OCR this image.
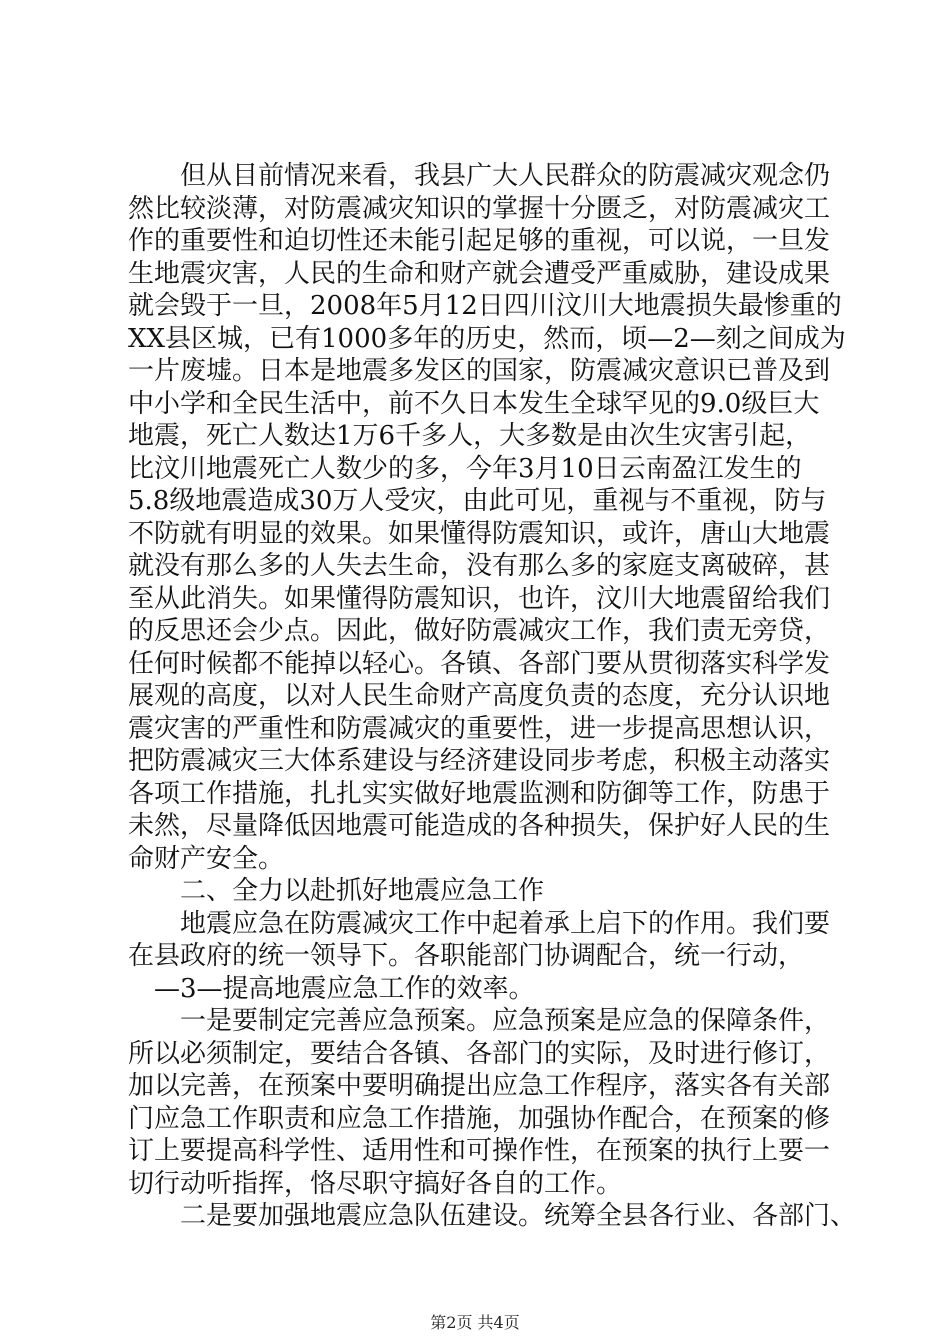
但从目前情况来看，我县广大人民群众的防震减灾观念仍
然比较淡薄，对防震减灾知识的掌握十分匮乏，对防震减灾工
作的重要性和迫切性还未能引起足够的重视，可以说，一旦发
生地震灾害，人民的生命和财产就会遭受严重威胁，建设成果
就会毁于一旦，2008年5月12日四川汶川大地震损失最惨重的
XX县区城，已有1000多年的历史，然而，顷—2—刻之间成为
一片废墟。日本是地震多发区的国家，防震减灾意识已普及到
中小学和全民生活中，前不久日本发生全球罕见的9.0级巨大
地震，死亡人数达1万6千多人，大多数是由次生灾害引起，
比汶川地震死亡人数少的多，今年3月10日云南盈江发生的
5.8级地震造成30万人受灾，由此可见，重视与不重视，防与
不防就有明显的效果。如果懂得防震知识，或许，唐山大地震
就没有那么多的人失去生命，没有那么多的家庭支离破碎，甚
至从此消失。如果懂得防震知识，也许，汶川大地震留给我们
的反思还会少点。因此，做好防震减灾工作，我们责无旁贷，
任何时候都不能掉以轻心。各镇、各部门要从贯彻落实科学发
展观的高度，以对人民生命财产高度负责的态度，充分认识地
震灾害的严重性和防震减灾的重要性，进一步提高思想认识，
把防震减灾三大体系建设与经济建设同步考虑，积极主动落实
各项工作措施，扎扎实实做好地震监测和防御等工作，防患于
未然，尽量降低因地震可能造成的各种损失，保护好人民的生
命财产安全。
二、全力以赴抓好地震应急工作
地震应急在防震减灾工作中起着承上启下的作用。我们要
在县政府的统一领导下。各职能部门协调配合，统一行动，
—3—提高地震应急工作的效率。
一是要制定完善应急预案。应急预案是应急的保障条件，
所以必须制定，要结合各镇、各部门的实际，及时进行修订，
加以完善，在预案中要明确提出应急工作程序，落实各有关部
门应急工作职责和应急工作措施，加强协作配合，在预案的修
订上要提高科学性、适用性和可操作性，在预案的执行上要一
切行动听指挥，恪尽职守搞好各自的工作。
二是要加强地震应急队伍建设。统筹全县各行业、各部门、
第2页 共4页
